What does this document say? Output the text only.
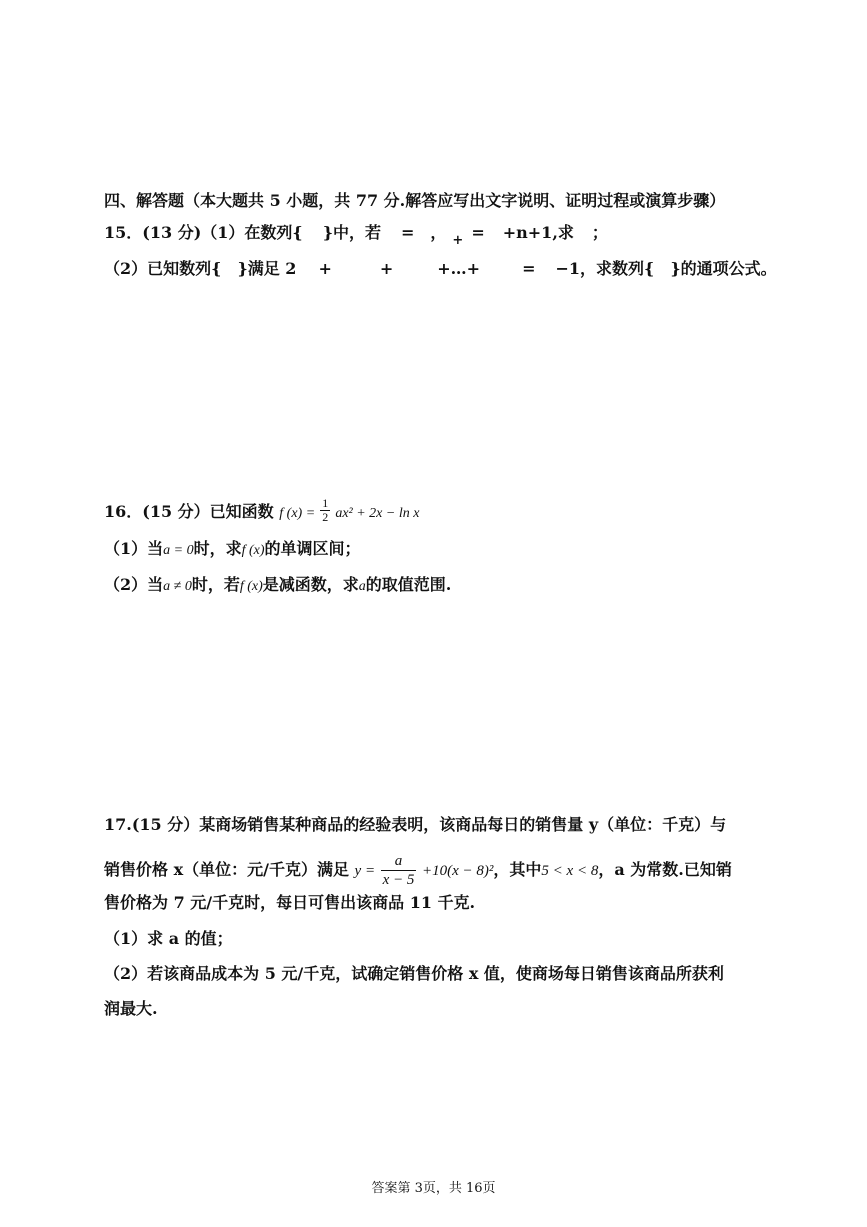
四、解答题（本大题共 5 小题，共 77 分.解答应写出文字说明、证明过程或演算步骤）
15．(13 分)（1）在数列{ }中，若 = ， $_+$ = +n+1,求 ；
（2）已知数列{ }满足 2 +	+	+…+	= −1，求数列{ }的通项公式。
16．(15 分）已知函数 f $(x) = \frac{1}{2} ax^2 + 2x - \ln x$
（1）当a = 0时，求f (x)的单调区间；
（2）当a ≠ 0时，若f (x)是减函数，求a的取值范围.
17.(15 分）某商场销售某种商品的经验表明，该商品每日的销售量 y（单位：千克）与
销售价格 x（单位：元/千克）满足 $y = \frac{a}{x - 5} +10(x - 8)^2$，其中5 < x < 8，a 为常数.已知销
售价格为 7 元/千克时，每日可售出该商品 11 千克.
（1）求 a 的值；
（2）若该商品成本为 5 元/千克，试确定销售价格 x 值，使商场每日销售该商品所获利
润最大.
答案第 3页，共 16页
